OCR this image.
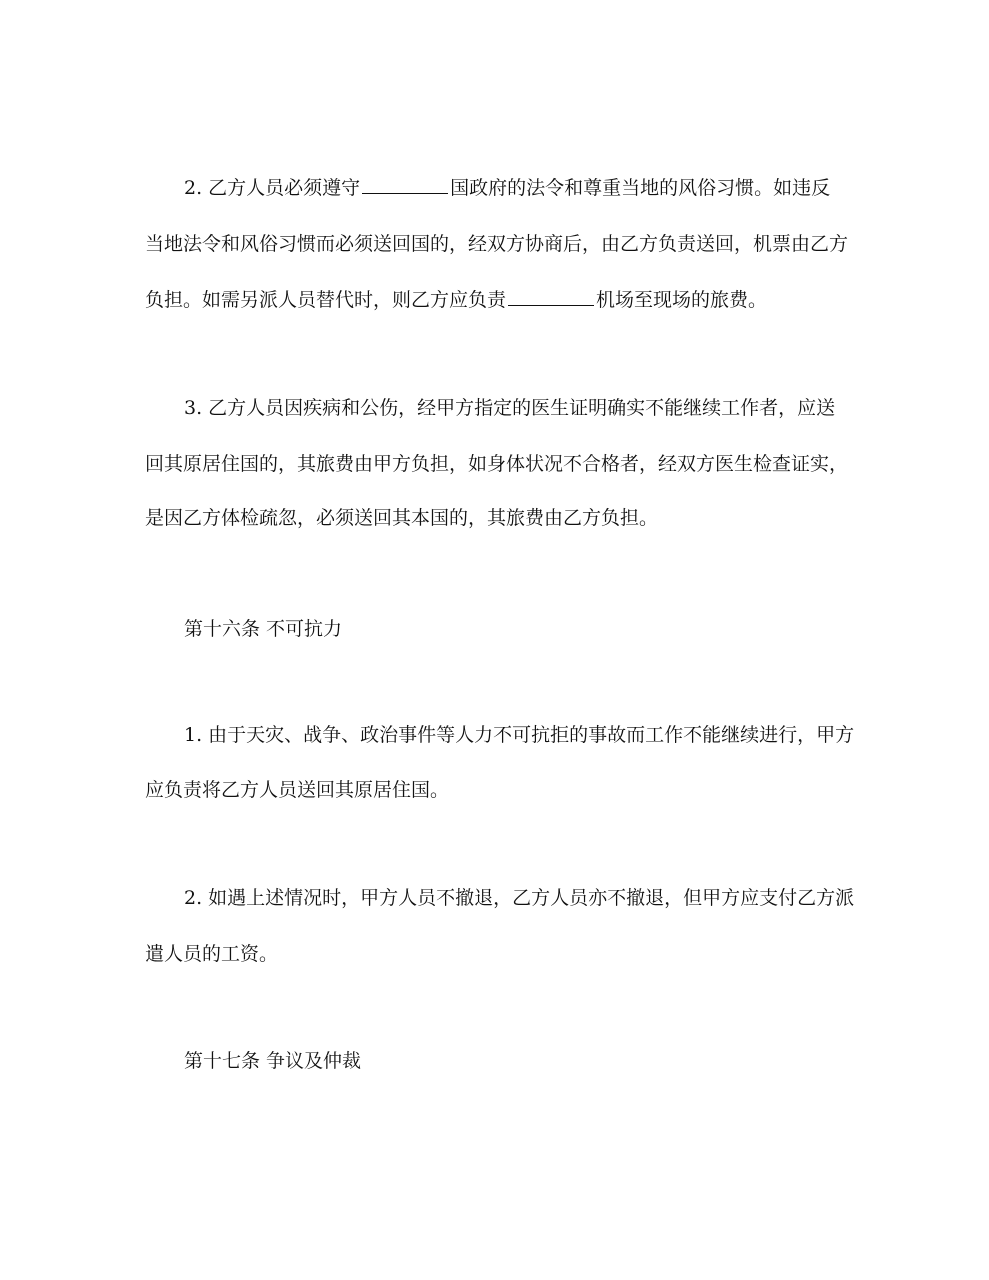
2. 乙方人员必须遵守	国政府的法令和尊重当地的风俗习惯。如违反
当地法令和风俗习惯而必须送回国的，经双方协商后，由乙方负责送回，机票由乙方
负担。如需另派人员替代时，则乙方应负责	机场至现场的旅费。
3. 乙方人员因疾病和公伤，经甲方指定的医生证明确实不能继续工作者，应送
回其原居住国的，其旅费由甲方负担，如身体状况不合格者，经双方医生检查证实，
是因乙方体检疏忽，必须送回其本国的，其旅费由乙方负担。
第十六条 不可抗力
1. 由于天灾、战争、政治事件等人力不可抗拒的事故而工作不能继续进行，甲方
应负责将乙方人员送回其原居住国。
2. 如遇上述情况时，甲方人员不撤退，乙方人员亦不撤退，但甲方应支付乙方派
遣人员的工资。
第十七条 争议及仲裁
